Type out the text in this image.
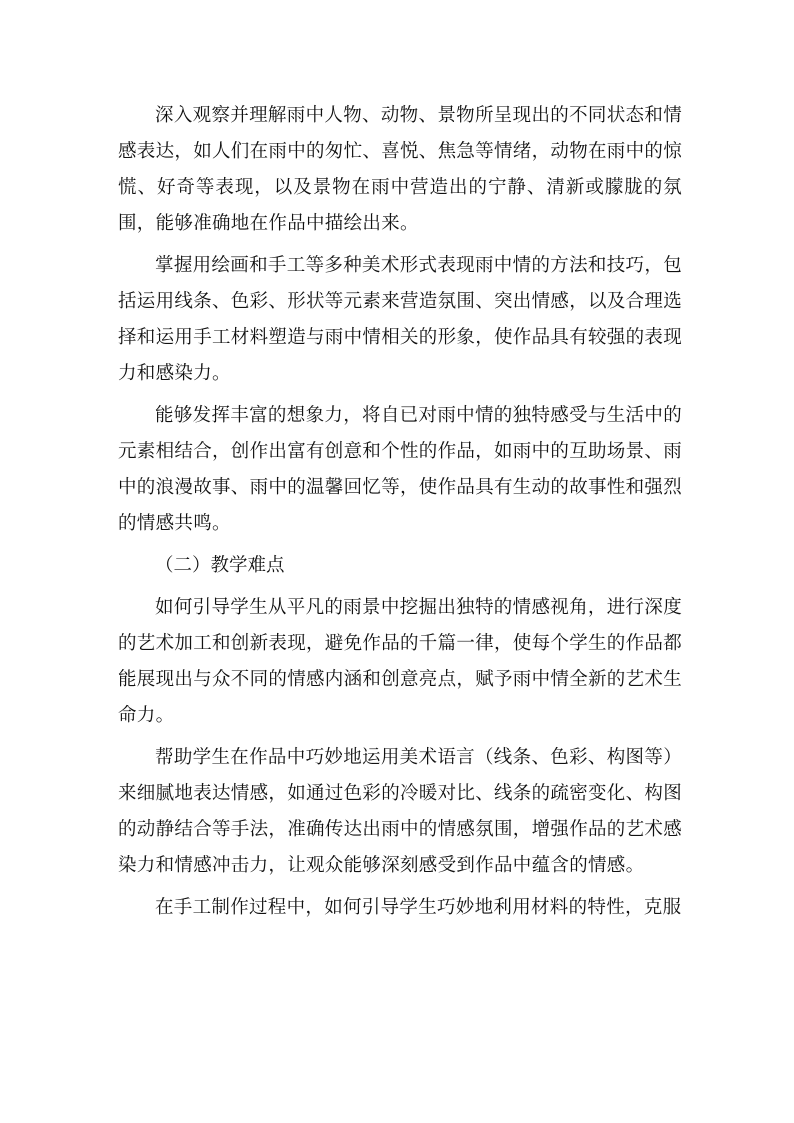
深入观察并理解雨中人物、动物、景物所呈现出的不同状态和情感表达，如人们在雨中的匆忙、喜悦、焦急等情绪，动物在雨中的惊慌、好奇等表现，以及景物在雨中营造出的宁静、清新或朦胧的氛围，能够准确地在作品中描绘出来。

掌握用绘画和手工等多种美术形式表现雨中情的方法和技巧，包括运用线条、色彩、形状等元素来营造氛围、突出情感，以及合理选择和运用手工材料塑造与雨中情相关的形象，使作品具有较强的表现力和感染力。

能够发挥丰富的想象力，将自已对雨中情的独特感受与生活中的元素相结合，创作出富有创意和个性的作品，如雨中的互助场景、雨中的浪漫故事、雨中的温馨回忆等，使作品具有生动的故事性和强烈的情感共鸣。

（二）教学难点

如何引导学生从平凡的雨景中挖掘出独特的情感视角，进行深度的艺术加工和创新表现，避免作品的千篇一律，使每个学生的作品都能展现出与众不同的情感内涵和创意亮点，赋予雨中情全新的艺术生命力。

帮助学生在作品中巧妙地运用美术语言（线条、色彩、构图等）来细腻地表达情感，如通过色彩的冷暖对比、线条的疏密变化、构图的动静结合等手法，准确传达出雨中的情感氛围，增强作品的艺术感染力和情感冲击力，让观众能够深刻感受到作品中蕴含的情感。

在手工制作过程中，如何引导学生巧妙地利用材料的特性，克服
